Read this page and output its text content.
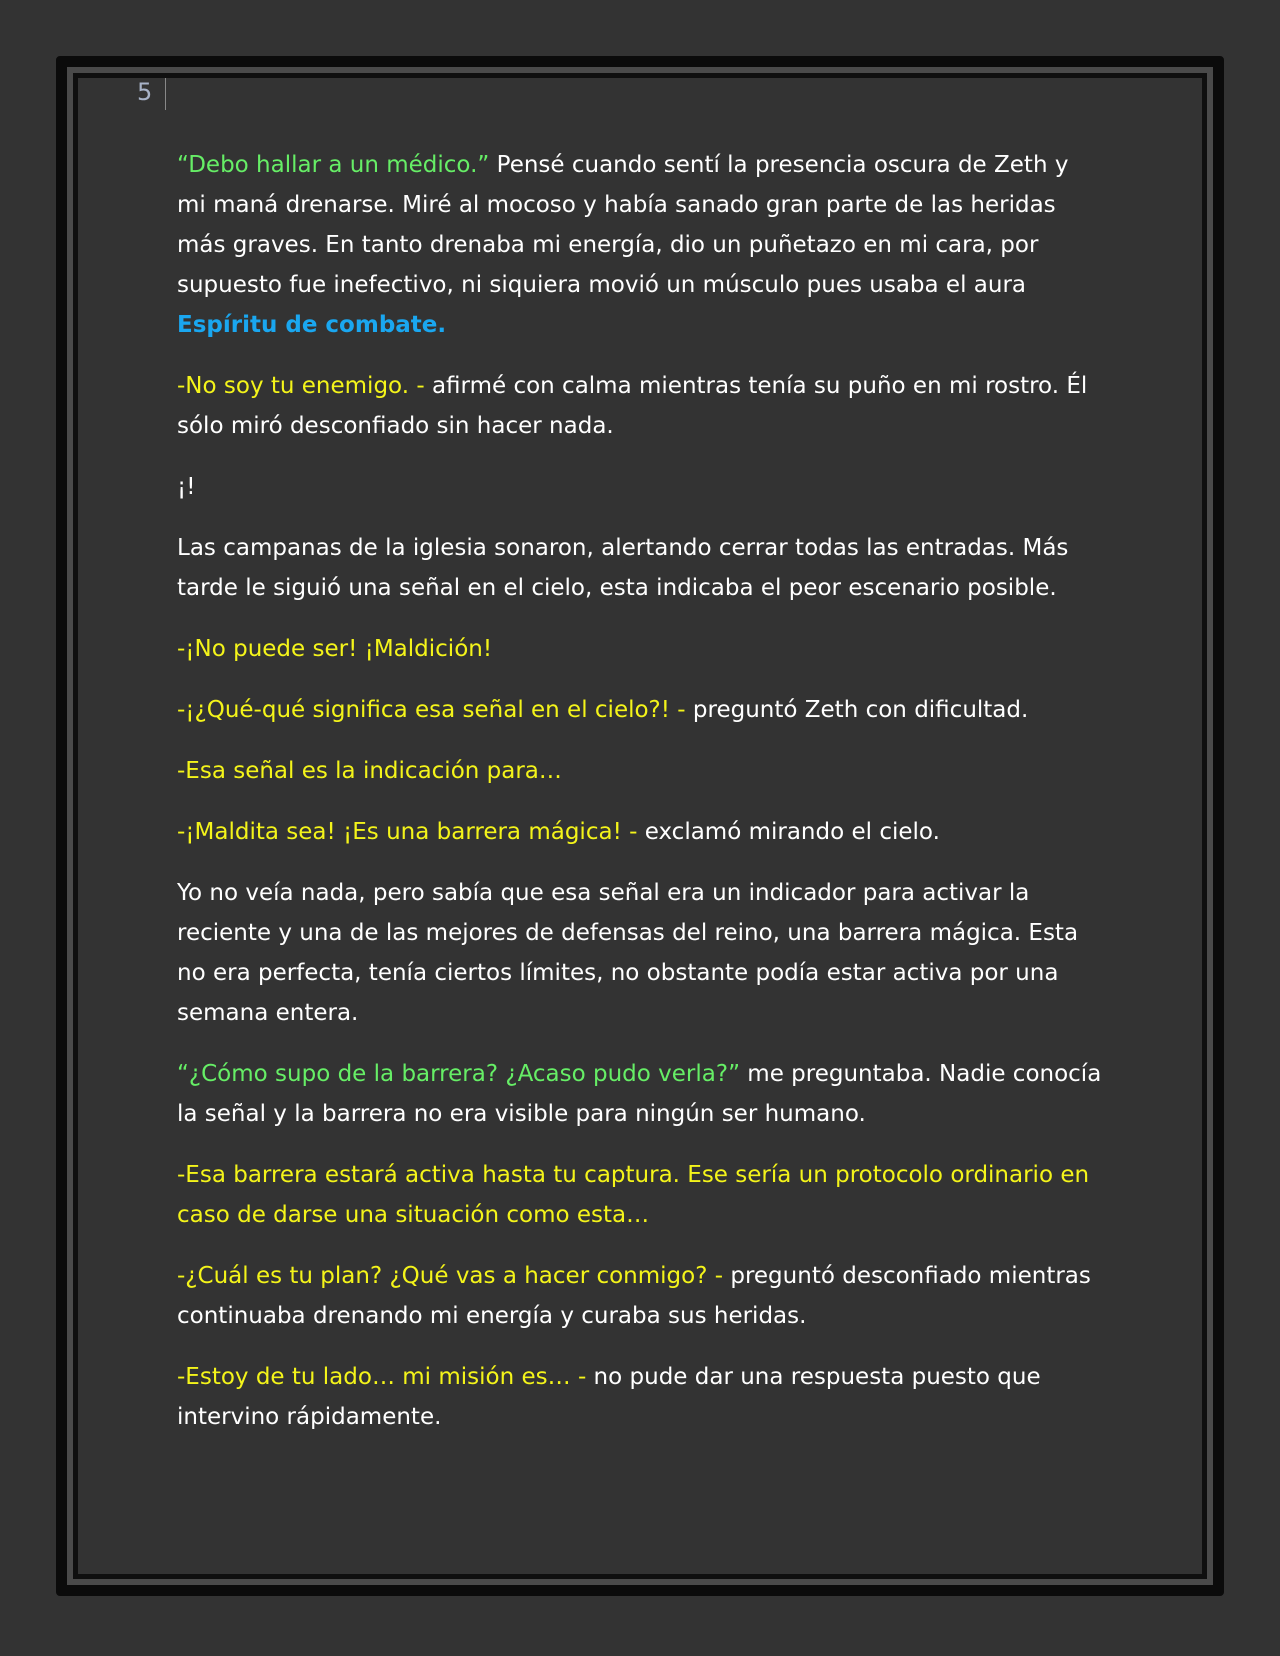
5

“Debo hallar a un médico.” Pensé cuando sentí la presencia oscura de Zeth y mi maná drenarse. Miré al mocoso y había sanado gran parte de las heridas más graves. En tanto drenaba mi energía, dio un puñetazo en mi cara, por supuesto fue inefectivo, ni siquiera movió un músculo pues usaba el aura Espíritu de combate.

-No soy tu enemigo. - afirmé con calma mientras tenía su puño en mi rostro. Él sólo miró desconfiado sin hacer nada.

¡!

Las campanas de la iglesia sonaron, alertando cerrar todas las entradas. Más tarde le siguió una señal en el cielo, esta indicaba el peor escenario posible.

-¡No puede ser! ¡Maldición!

-¡¿Qué-qué significa esa señal en el cielo?! - preguntó Zeth con dificultad.

-Esa señal es la indicación para…

-¡Maldita sea! ¡Es una barrera mágica! - exclamó mirando el cielo.

Yo no veía nada, pero sabía que esa señal era un indicador para activar la reciente y una de las mejores de defensas del reino, una barrera mágica. Esta no era perfecta, tenía ciertos límites, no obstante podía estar activa por una semana entera.

“¿Cómo supo de la barrera? ¿Acaso pudo verla?” me preguntaba. Nadie conocía la señal y la barrera no era visible para ningún ser humano.

-Esa barrera estará activa hasta tu captura. Ese sería un protocolo ordinario en caso de darse una situación como esta…

-¿Cuál es tu plan? ¿Qué vas a hacer conmigo? - preguntó desconfiado mientras continuaba drenando mi energía y curaba sus heridas.

-Estoy de tu lado… mi misión es… - no pude dar una respuesta puesto que intervino rápidamente.
